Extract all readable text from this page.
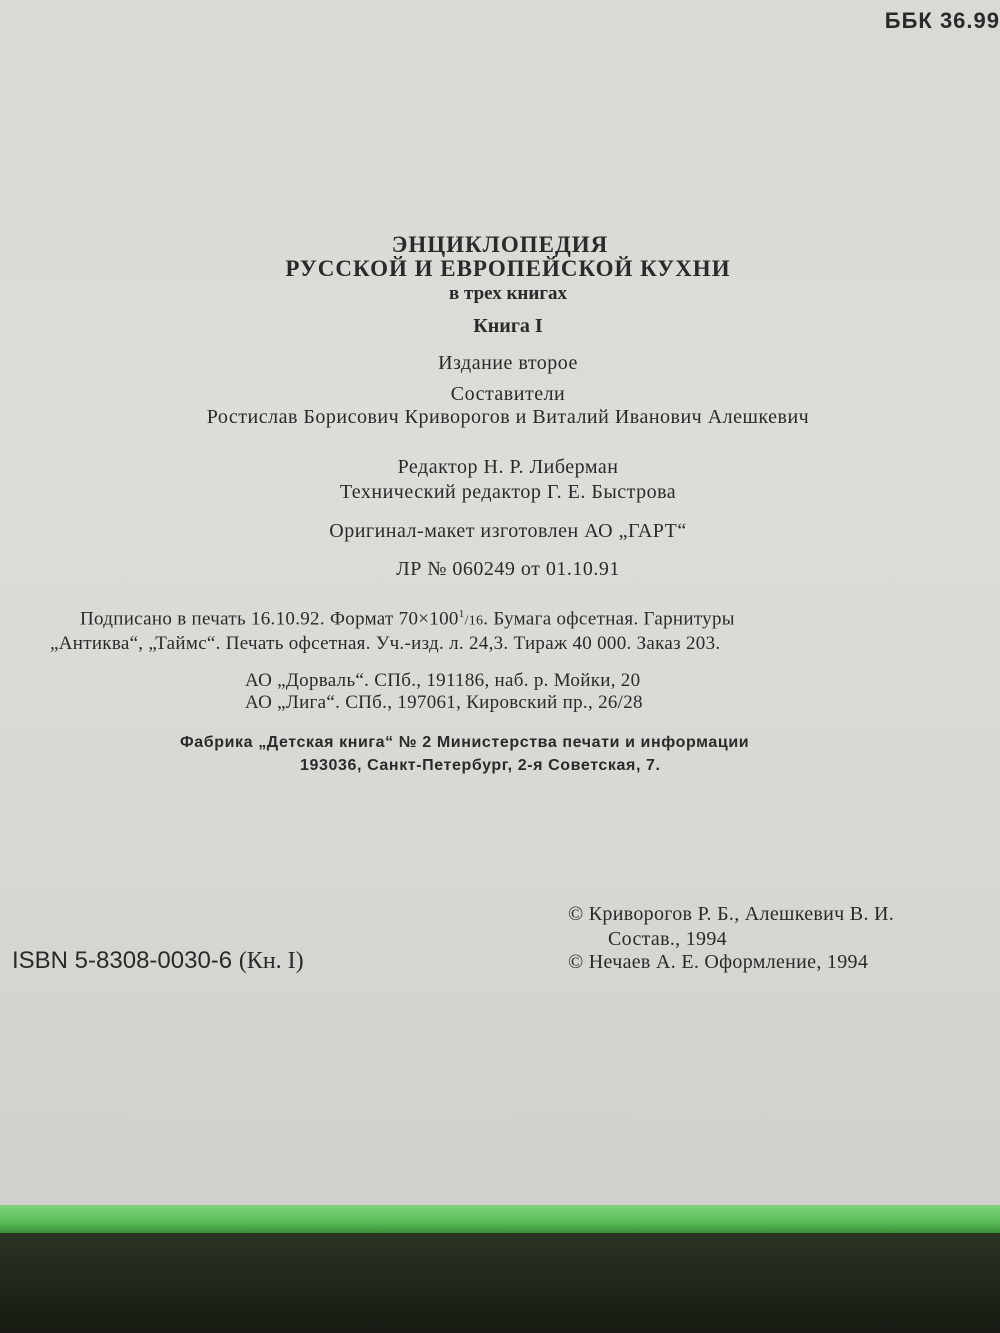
ББК 36.99

ЭНЦИКЛОПЕДИЯ

РУССКОЙ И ЕВРОПЕЙСКОЙ КУХНИ

в трех книгах

Книга I

Издание второе

Составители

Ростислав Борисович Криворогов и Виталий Иванович Алешкевич

Редактор Н. Р. Либерман

Технический редактор Г. Е. Быстрова

Оригинал-макет изготовлен АО „ГАРТ“

ЛР № 060249 от 01.10.91

Подписано в печать 16.10.92. Формат $70\times 100^1/16$. Бумага офсетная. Гарнитуры

„Антиква“, „Таймс“. Печать офсетная. Уч.-изд. л. 24,3. Тираж 40 000. Заказ 203.

АО „Дорваль“. СПб., 191186, наб. р. Мойки, 20

АО „Лига“. СПб., 197061, Кировский пр., 26/28

Фабрика „Детская книга“ № 2 Министерства печати и информации

193036, Санкт-Петербург, 2-я Советская, 7.

© Криворогов Р. Б., Алешкевич В. И.

Состав., 1994

© Нечаев А. Е. Оформление, 1994

ISBN 5-8308-0030-6 (Кн. I)
